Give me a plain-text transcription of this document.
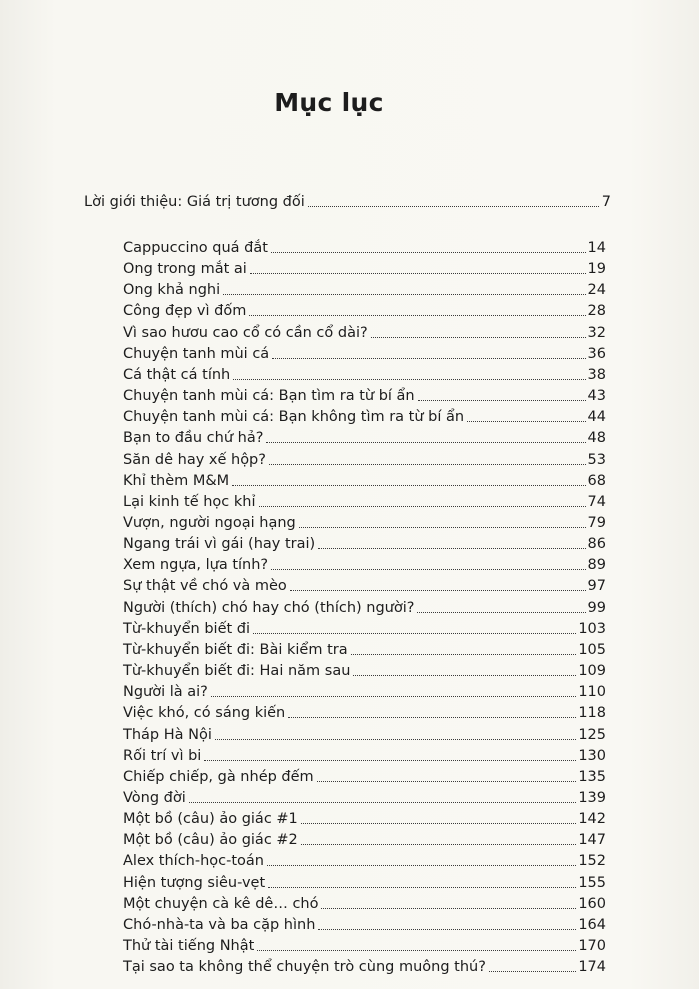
Mục lục
Lời giới thiệu: Giá trị tương đối	7
Cappuccino quá đắt	14
Ong trong mắt ai	19
Ong khả nghi	24
Công đẹp vì đốm	28
Vì sao hươu cao cổ có cần cổ dài?	32
Chuyện tanh mùi cá	36
Cá thật cá tính	38
Chuyện tanh mùi cá: Bạn tìm ra từ bí ẩn	43
Chuyện tanh mùi cá: Bạn không tìm ra từ bí ẩn	44
Bạn to đầu chứ hả?	48
Săn dê hay xế hộp?	53
Khỉ thèm M&M	68
Lại kinh tế học khỉ	74
Vượn, người ngoại hạng	79
Ngang trái vì gái (hay trai)	86
Xem ngựa, lựa tính?	89
Sự thật về chó và mèo	97
Người (thích) chó hay chó (thích) người?	99
Từ-khuyển biết đi	103
Từ-khuyển biết đi: Bài kiểm tra	105
Từ-khuyển biết đi: Hai năm sau	109
Người là ai?	110
Việc khó, có sáng kiến	118
Tháp Hà Nội	125
Rối trí vì bi	130
Chiếp chiếp, gà nhép đếm	135
Vòng đời	139
Một bồ (câu) ảo giác #1	142
Một bồ (câu) ảo giác #2	147
Alex thích-học-toán	152
Hiện tượng siêu-vẹt	155
Một chuyện cà kê dê… chó	160
Chó-nhà-ta và ba cặp hình	164
Thử tài tiếng Nhật	170
Tại sao ta không thể chuyện trò cùng muông thú?	174
